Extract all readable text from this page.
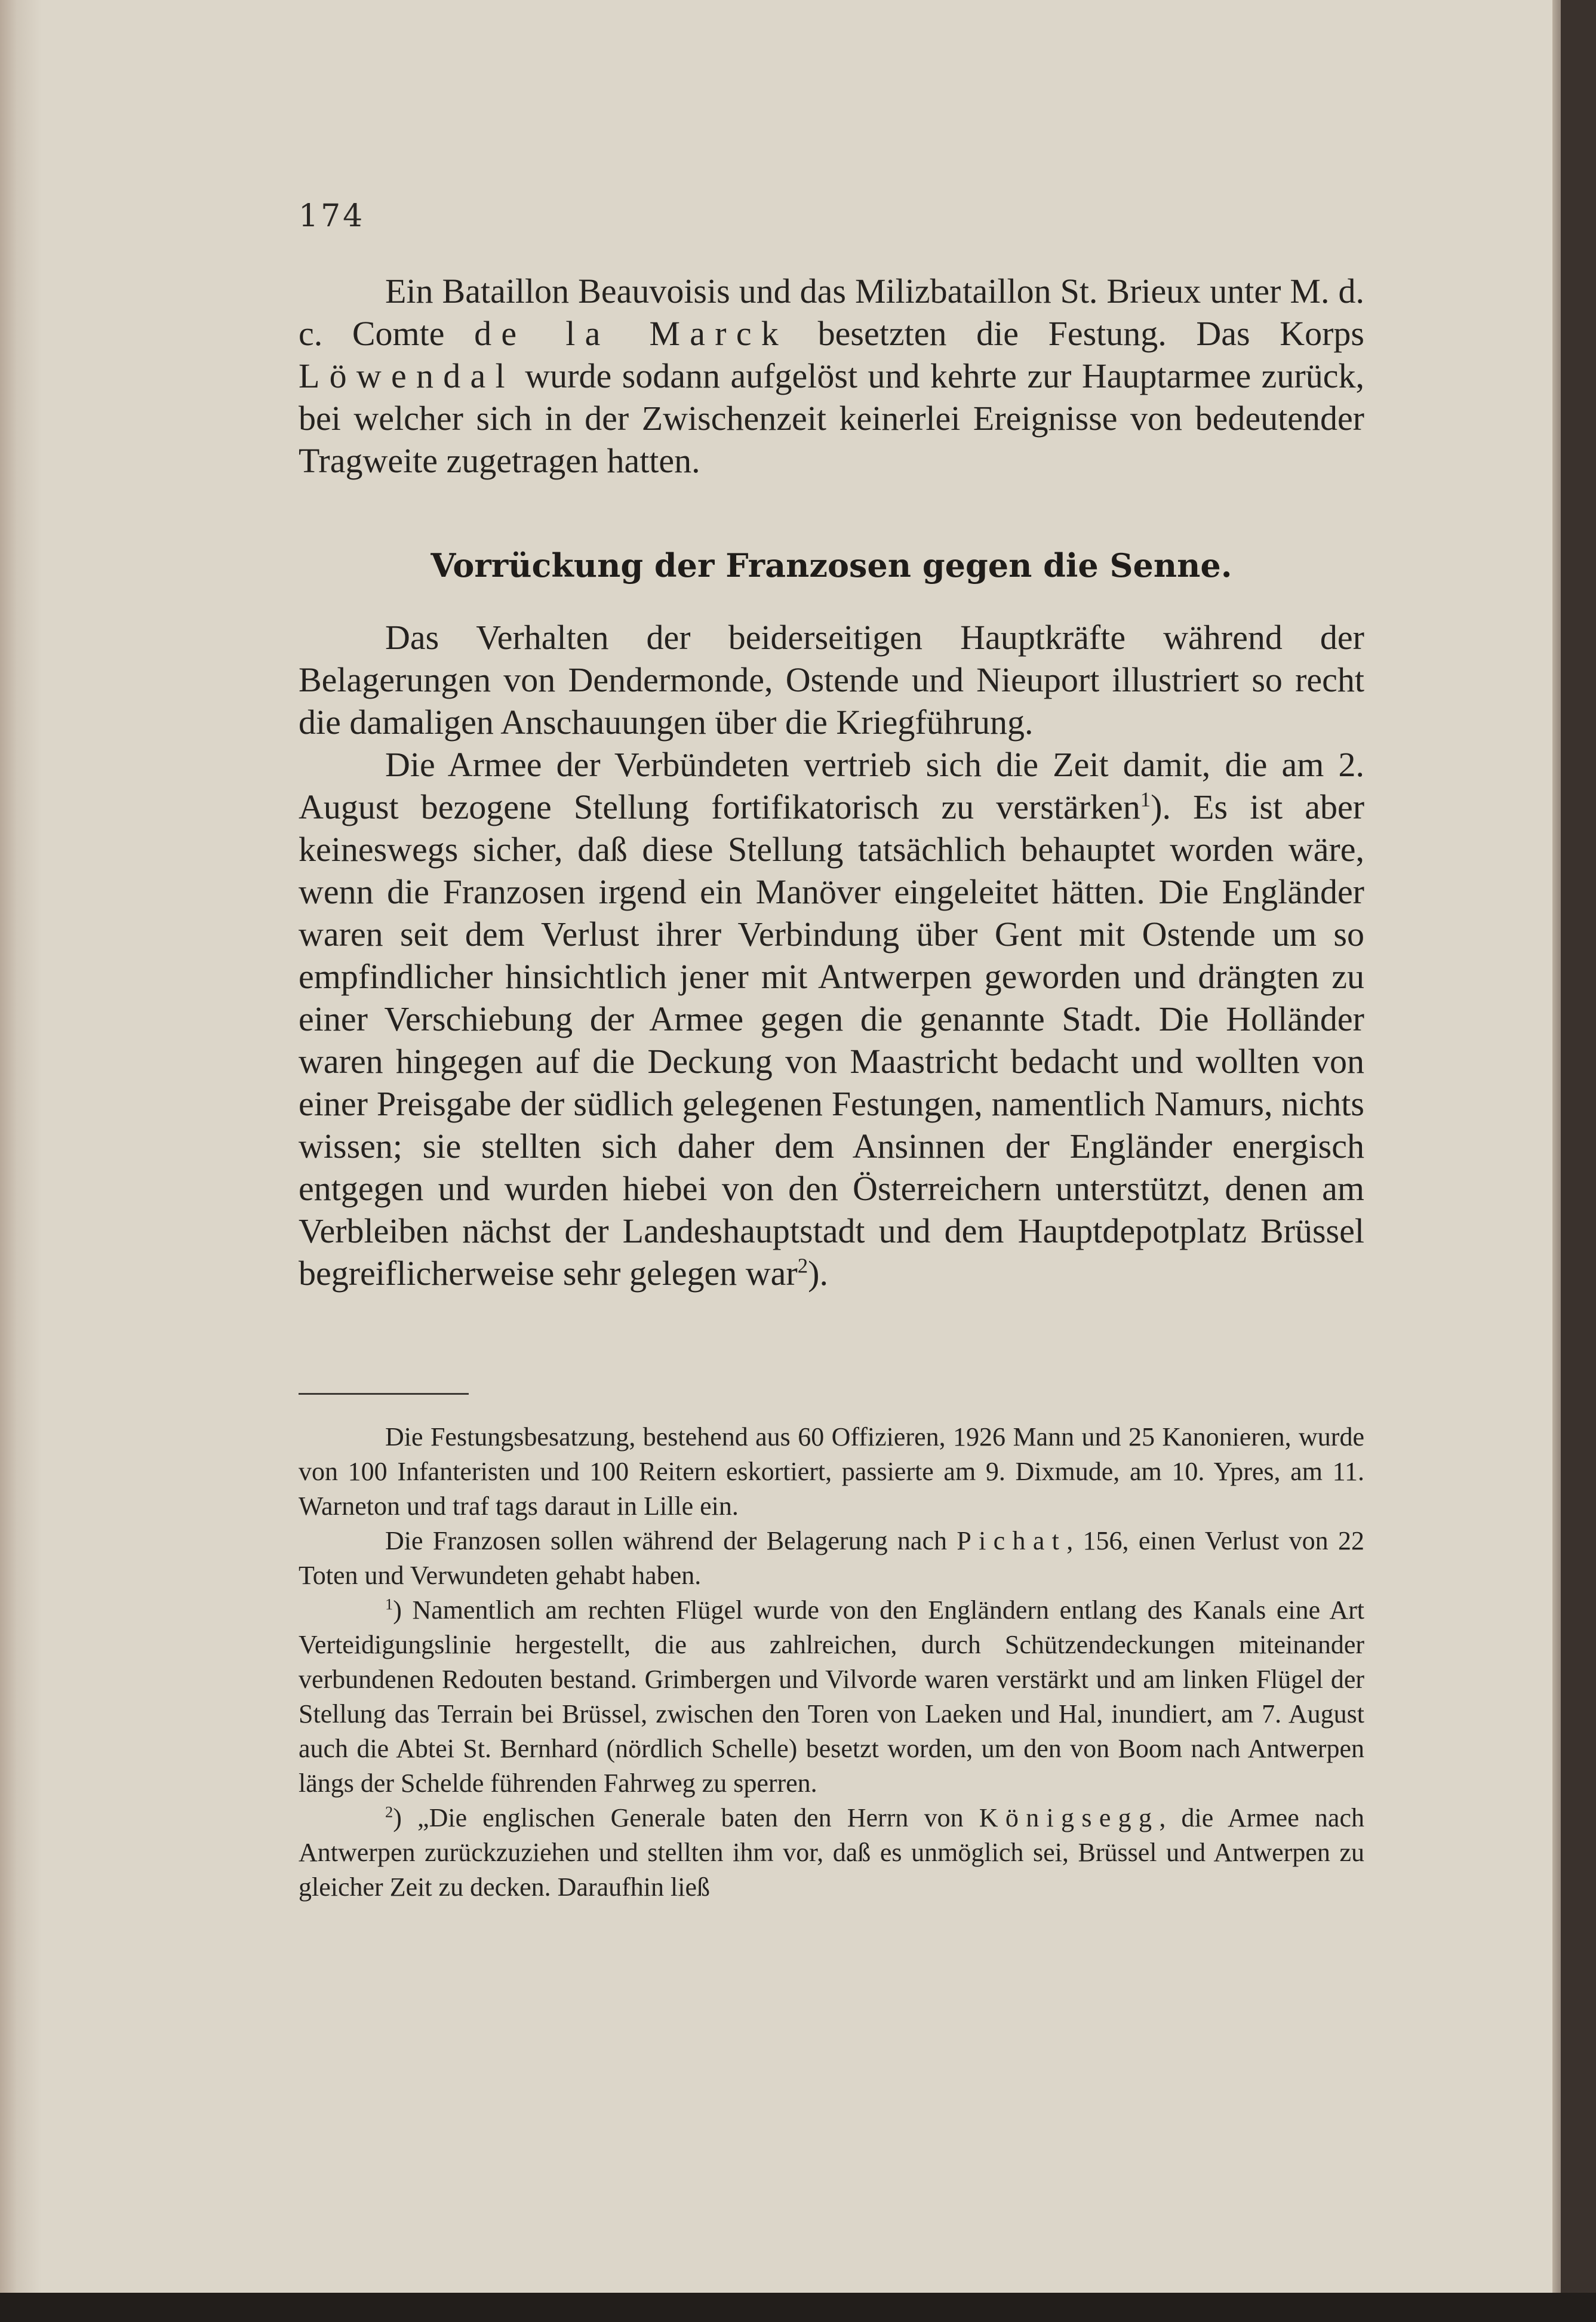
174

Ein Bataillon Beauvoisis und das Milizbataillon St. Brieux unter M. d. c. Comte de la Marck besetzten die Festung. Das Korps Löwendal wurde sodann aufgelöst und kehrte zur Hauptarmee zurück, bei welcher sich in der Zwischenzeit keinerlei Ereignisse von bedeutender Tragweite zugetragen hatten.

Vorrückung der Franzosen gegen die Senne.

Das Verhalten der beiderseitigen Hauptkräfte während der Belagerungen von Dendermonde, Ostende und Nieuport illustriert so recht die damaligen Anschauungen über die Kriegführung.

Die Armee der Verbündeten vertrieb sich die Zeit damit, die am 2. August bezogene Stellung fortifikatorisch zu verstärken$^1$). Es ist aber keineswegs sicher, daß diese Stellung tatsächlich behauptet worden wäre, wenn die Franzosen irgend ein Manöver eingeleitet hätten. Die Engländer waren seit dem Verlust ihrer Verbindung über Gent mit Ostende um so empfindlicher hinsichtlich jener mit Antwerpen geworden und drängten zu einer Verschiebung der Armee gegen die genannte Stadt. Die Holländer waren hingegen auf die Deckung von Maastricht bedacht und wollten von einer Preisgabe der südlich gelegenen Festungen, namentlich Namurs, nichts wissen; sie stellten sich daher dem Ansinnen der Engländer energisch entgegen und wurden hiebei von den Österreichern unterstützt, denen am Verbleiben nächst der Landeshauptstadt und dem Hauptdepotplatz Brüssel begreiflicherweise sehr gelegen war$^2$).

Die Festungsbesatzung, bestehend aus 60 Offizieren, 1926 Mann und 25 Kanonieren, wurde von 100 Infanteristen und 100 Reitern eskortiert, passierte am 9. Dixmude, am 10. Ypres, am 11. Warneton und traf tags daraut in Lille ein.

Die Franzosen sollen während der Belagerung nach Pichat, 156, einen Verlust von 22 Toten und Verwundeten gehabt haben.

$^1$) Namentlich am rechten Flügel wurde von den Engländern entlang des Kanals eine Art Verteidigungslinie hergestellt, die aus zahlreichen, durch Schützendeckungen miteinander verbundenen Redouten bestand. Grimbergen und Vilvorde waren verstärkt und am linken Flügel der Stellung das Terrain bei Brüssel, zwischen den Toren von Laeken und Hal, inundiert, am 7. August auch die Abtei St. Bernhard (nördlich Schelle) besetzt worden, um den von Boom nach Antwerpen längs der Schelde führenden Fahrweg zu sperren.

$^2$) „Die englischen Generale baten den Herrn von Königsegg, die Armee nach Antwerpen zurückzuziehen und stellten ihm vor, daß es unmöglich sei, Brüssel und Antwerpen zu gleicher Zeit zu decken. Daraufhin ließ
